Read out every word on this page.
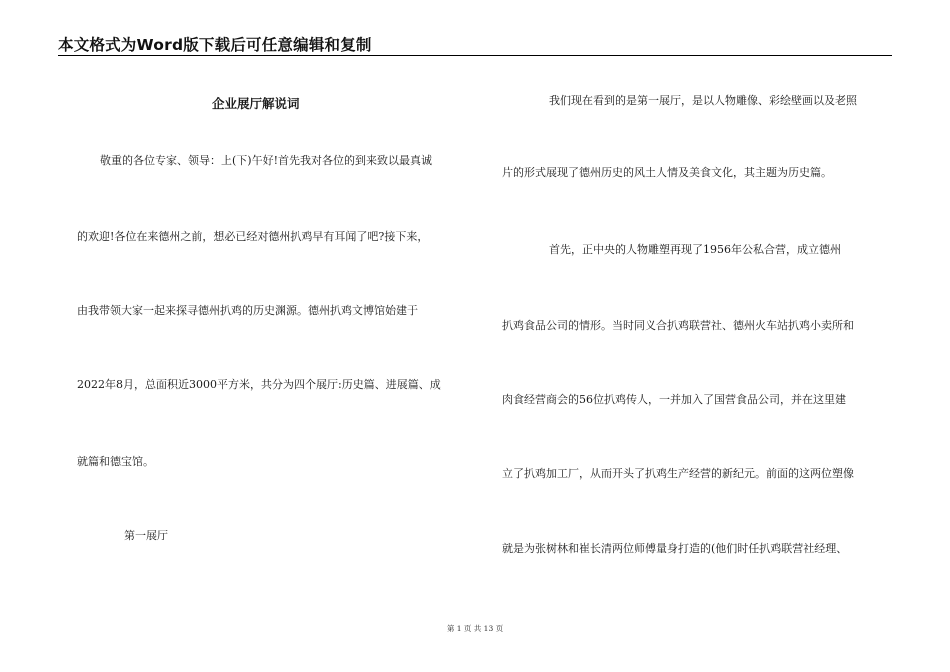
本文格式为Word版下载后可任意编辑和复制
企业展厅解说词
敬重的各位专家、领导：上(下)午好!首先我对各位的到来致以最真诚
的欢迎!各位在来德州之前，想必已经对德州扒鸡早有耳闻了吧?接下来，
由我带领大家一起来探寻德州扒鸡的历史渊源。德州扒鸡文博馆始建于
2022年8月，总面积近3000平方米，共分为四个展厅:历史篇、进展篇、成
就篇和德宝馆。
第一展厅
我们现在看到的是第一展厅，是以人物雕像、彩绘壁画以及老照
片的形式展现了德州历史的风土人情及美食文化，其主题为历史篇。
首先，正中央的人物雕塑再现了1956年公私合营，成立德州
扒鸡食品公司的情形。当时同义合扒鸡联营社、德州火车站扒鸡小卖所和
肉食经营商会的56位扒鸡传人，一并加入了国营食品公司，并在这里建
立了扒鸡加工厂，从而开头了扒鸡生产经营的新纪元。前面的这两位塑像
就是为张树林和崔长清两位师傅量身打造的(他们时任扒鸡联营社经理、
第 1 页 共 13 页
